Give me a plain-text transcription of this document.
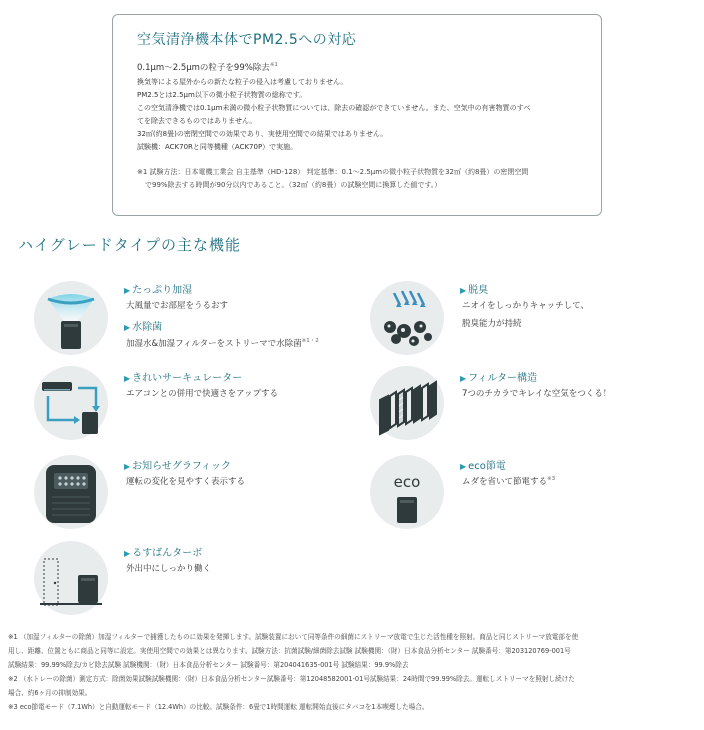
空気清浄機本体でPM2.5への対応
0.1µm〜2.5µmの粒子を99%除去$^{※1}$
換気等による屋外からの新たな粒子の侵入は考慮しておりません。
PM2.5とは2.5µm以下の微小粒子状物質の総称です。
この空気清浄機では0.1µm未満の微小粒子状物質については、除去の確認ができていません。また、空気中の有害物質のすべ
てを除去できるものではありません。
32㎡(約8畳)の密閉空間での効果であり、実使用空間での結果ではありません。
試験機：ACK70Rと同等機種（ACK70P）で実施。
※1 試験方法：日本電機工業会 自主基準（HD-128） 判定基準：0.1〜2.5µmの微小粒子状物質を32㎡（約8畳）の密閉空間
で99%除去する時間が90分以内であること。（32㎡（約8畳）の試験空間に換算した値です。）
ハイグレードタイプの主な機能
▶ たっぷり加湿
大風量でお部屋をうるおす
▶ 水除菌
加湿水&加湿フィルターをストリーマで水除菌$^{※1・2}$
▶ 脱臭
ニオイをしっかりキャッチして、
脱臭能力が持続
▶ きれいサーキュレーター
エアコンとの併用で快適さをアップする
▶ フィルター構造
7つのチカラでキレイな空気をつくる！
▶ お知らせグラフィック
運転の変化を見やすく表示する	eco
▶ eco節電
ムダを省いて節電する$^{※3}$
▶ るすばんターボ
外出中にしっかり働く
※1 （加湿フィルターの除菌）加湿フィルターで捕獲したものに効果を発揮します。試験装置において同等条件の細菌にストリーマ放電で生じた活性種を照射。商品と同じストリーマ放電部を使
用し、距離、位置ともに商品と同等に設定。実使用空間での効果とは異なります。試験方法：抗菌試験/細菌除去試験 試験機関：（財）日本食品分析センター 試験番号：第203120769-001号
試験結果：99.99%除去/カビ除去試験 試験機関：（財）日本食品分析センター 試験番号：第204041635-001号 試験結果：99.9%除去
※2 （水トレーの除菌）測定方式：除菌効果試験試験機関：（財）日本食品分析センター試験番号：第12048582001-01号試験結果：24時間で99.99%除去。運転しストリーマを照射し続けた
場合、約6ヶ月の抑制効果。
※3 eco節電モード（7.1Wh）と自動運転モード（12.4Wh）の比較。試験条件：6畳で1時間運転 運転開始直後にタバコを1本喫煙した場合。
